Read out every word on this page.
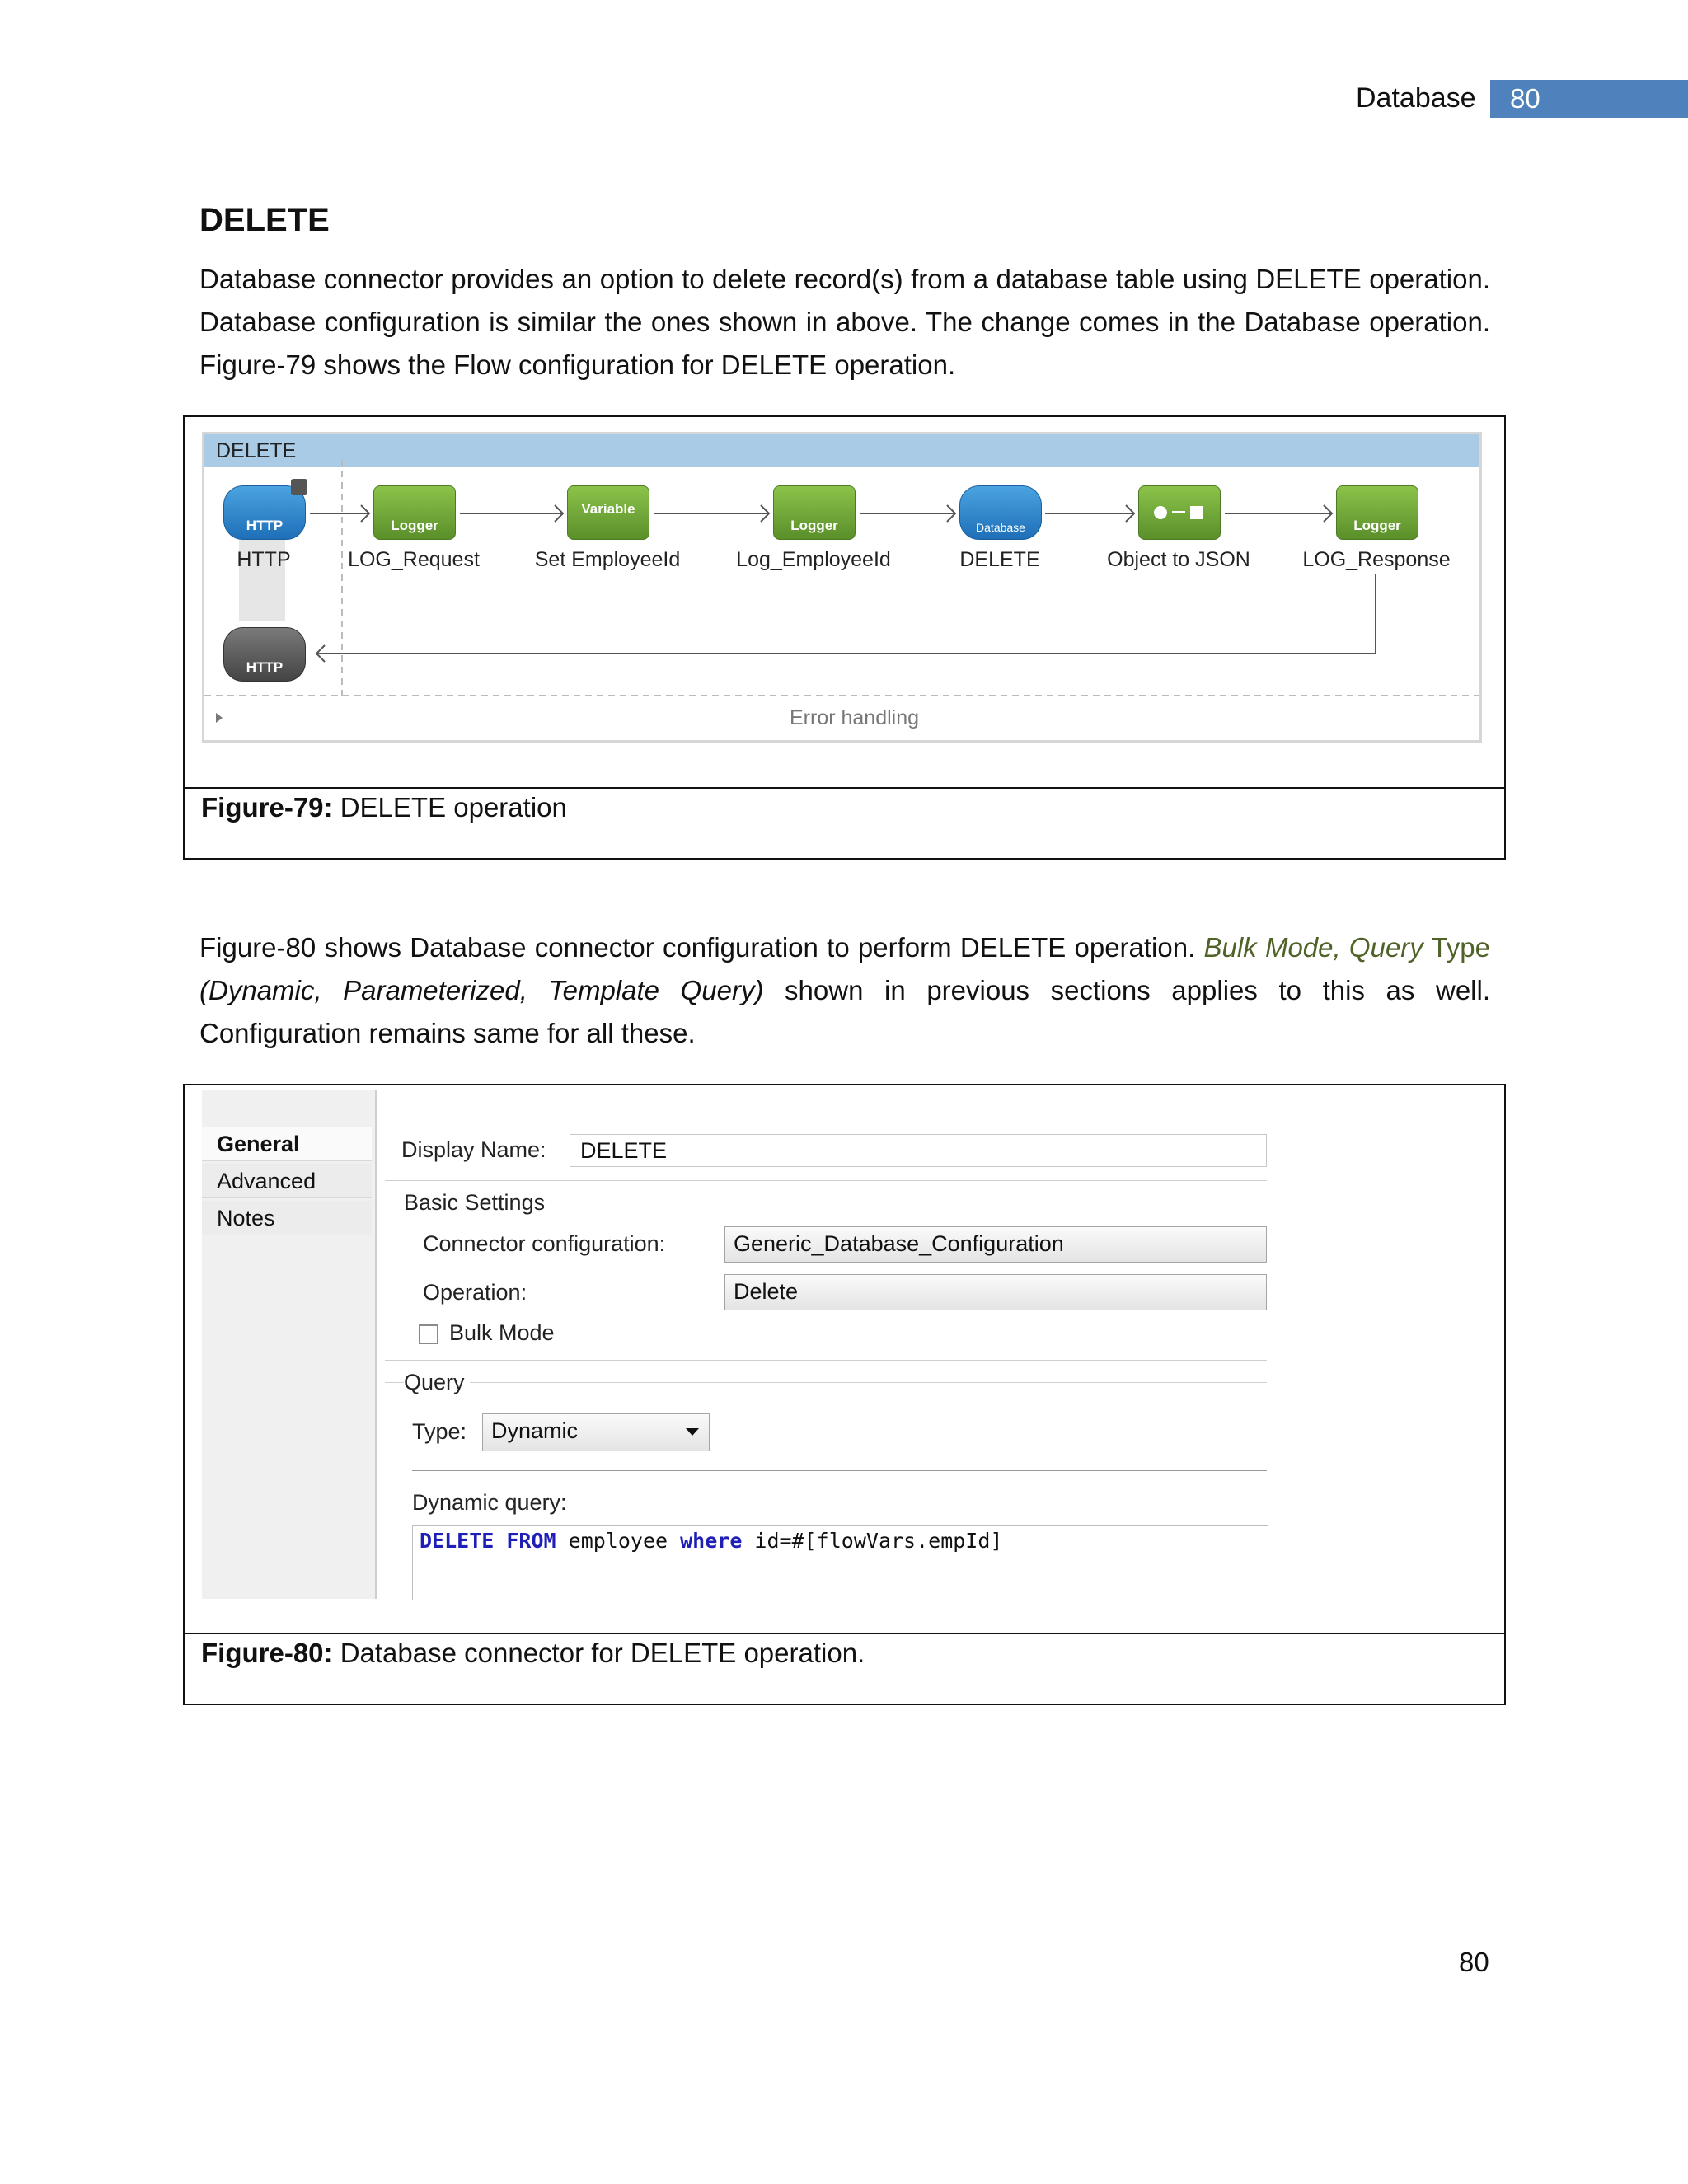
Database 80
DELETE
Database connector provides an option to delete record(s) from a database table using DELETE operation. Database configuration is similar the ones shown in above. The change comes in the Database operation. Figure-79 shows the Flow configuration for DELETE operation.
Figure-79: DELETE operation
DELETE
HTTP
HTTP
Logger
LOG_Request
Variable
Set EmployeeId
Logger
Log_EmployeeId
Database
DELETE	Object to JSON
Logger
LOG_Response
HTTP
Error handling
Figure-80 shows Database connector configuration to perform DELETE operation. Bulk Mode, Query Type (Dynamic, Parameterized, Template Query) shown in previous sections applies to this as well. Configuration remains same for all these.
Figure-80: Database connector for DELETE operation.
General
Advanced
Notes
Display Name:	DELETE
Basic Settings
Connector configuration:	Generic_Database_Configuration
Operation:	Delete
Bulk Mode
Query
Type:	Dynamic
Dynamic query:
DELETE FROM employee where id=#[flowVars.empId]
80
